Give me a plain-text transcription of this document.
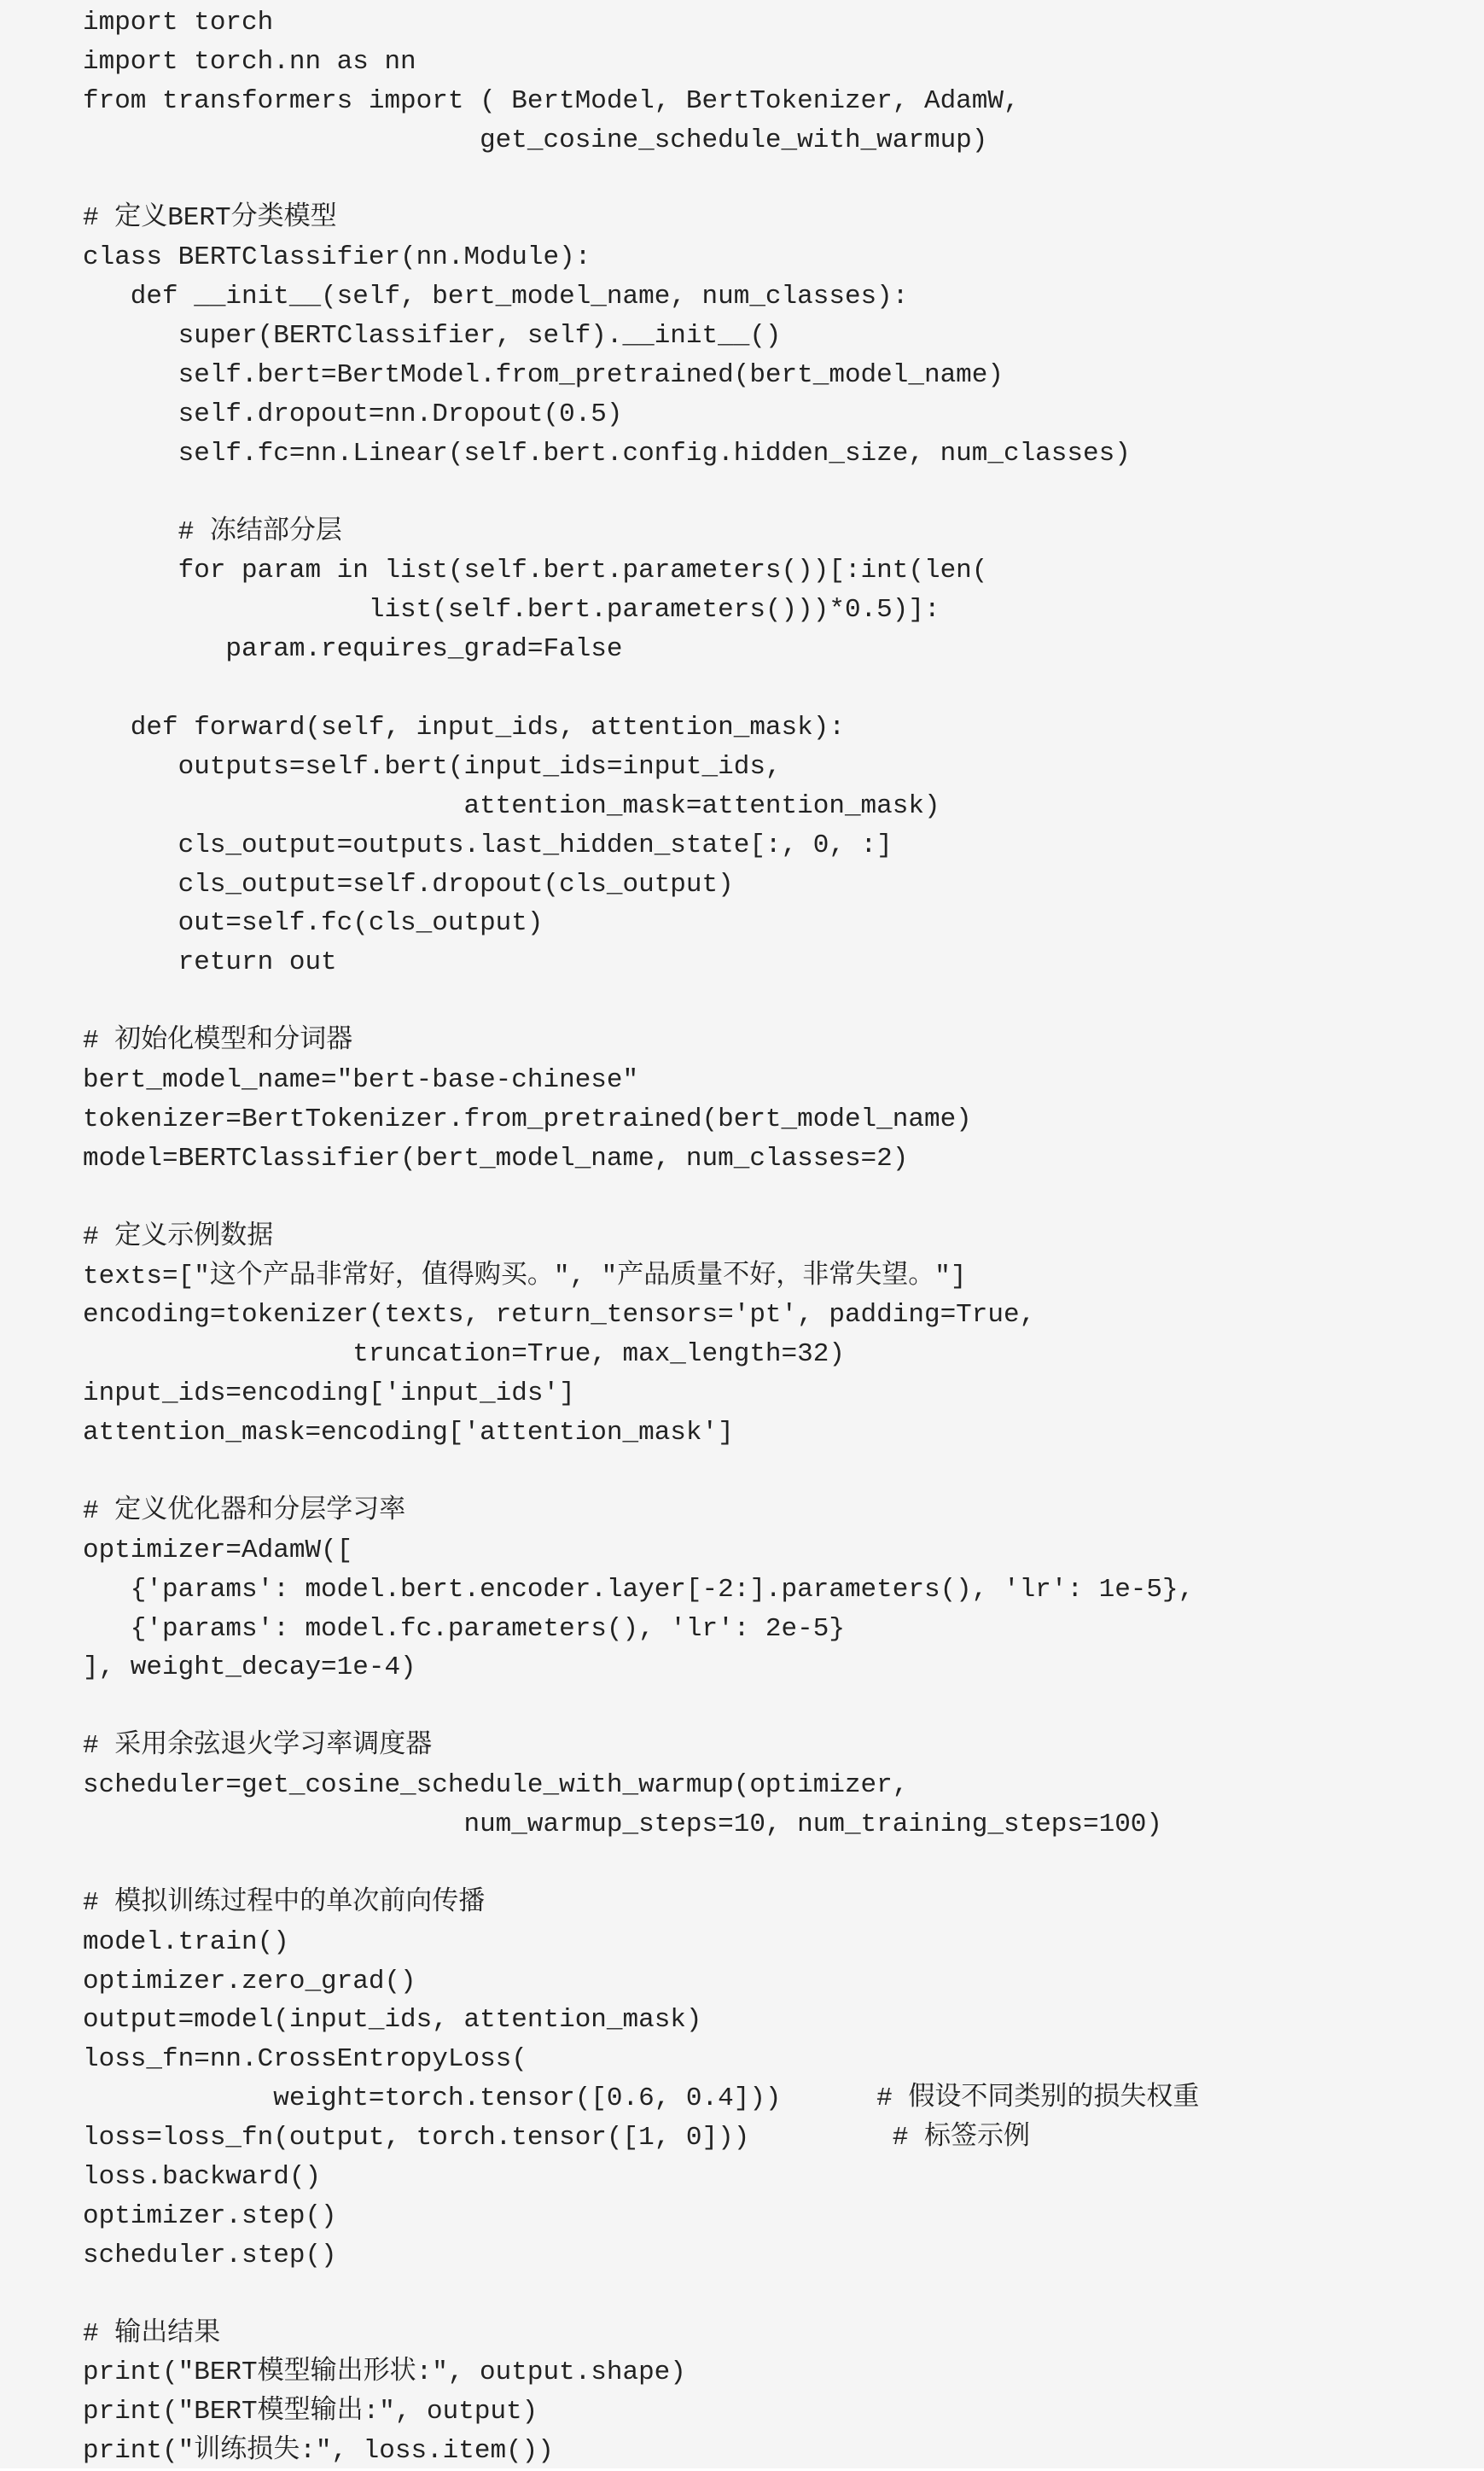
import torch
import torch.nn as nn
from transformers import ( BertModel, BertTokenizer, AdamW,
get_cosine_schedule_with_warmup)
# 定义BERT分类模型
class BERTClassifier(nn.Module):
def __init__(self, bert_model_name, num_classes):
super(BERTClassifier, self).__init__()
self.bert=BertModel.from_pretrained(bert_model_name)
self.dropout=nn.Dropout(0.5)
self.fc=nn.Linear(self.bert.config.hidden_size, num_classes)
# 冻结部分层
for param in list(self.bert.parameters())[:int(len(
list(self.bert.parameters()))*0.5)]:
param.requires_grad=False
def forward(self, input_ids, attention_mask):
outputs=self.bert(input_ids=input_ids,
attention_mask=attention_mask)
cls_output=outputs.last_hidden_state[:, 0, :]
cls_output=self.dropout(cls_output)
out=self.fc(cls_output)
return out
# 初始化模型和分词器
bert_model_name="bert-base-chinese"
tokenizer=BertTokenizer.from_pretrained(bert_model_name)
model=BERTClassifier(bert_model_name, num_classes=2)
# 定义示例数据
texts=["这个产品非常好，值得购买。", "产品质量不好，非常失望。"]
encoding=tokenizer(texts, return_tensors='pt', padding=True,
truncation=True, max_length=32)
input_ids=encoding['input_ids']
attention_mask=encoding['attention_mask']
# 定义优化器和分层学习率
optimizer=AdamW([
{'params': model.bert.encoder.layer[-2:].parameters(), 'lr': 1e-5},
{'params': model.fc.parameters(), 'lr': 2e-5}
], weight_decay=1e-4)
# 采用余弦退火学习率调度器
scheduler=get_cosine_schedule_with_warmup(optimizer,
num_warmup_steps=10, num_training_steps=100)
# 模拟训练过程中的单次前向传播
model.train()
optimizer.zero_grad()
output=model(input_ids, attention_mask)
loss_fn=nn.CrossEntropyLoss(
weight=torch.tensor([0.6, 0.4]))      # 假设不同类别的损失权重
loss=loss_fn(output, torch.tensor([1, 0]))         # 标签示例
loss.backward()
optimizer.step()
scheduler.step()
# 输出结果
print("BERT模型输出形状:", output.shape)
print("BERT模型输出:", output)
print("训练损失:", loss.item())
